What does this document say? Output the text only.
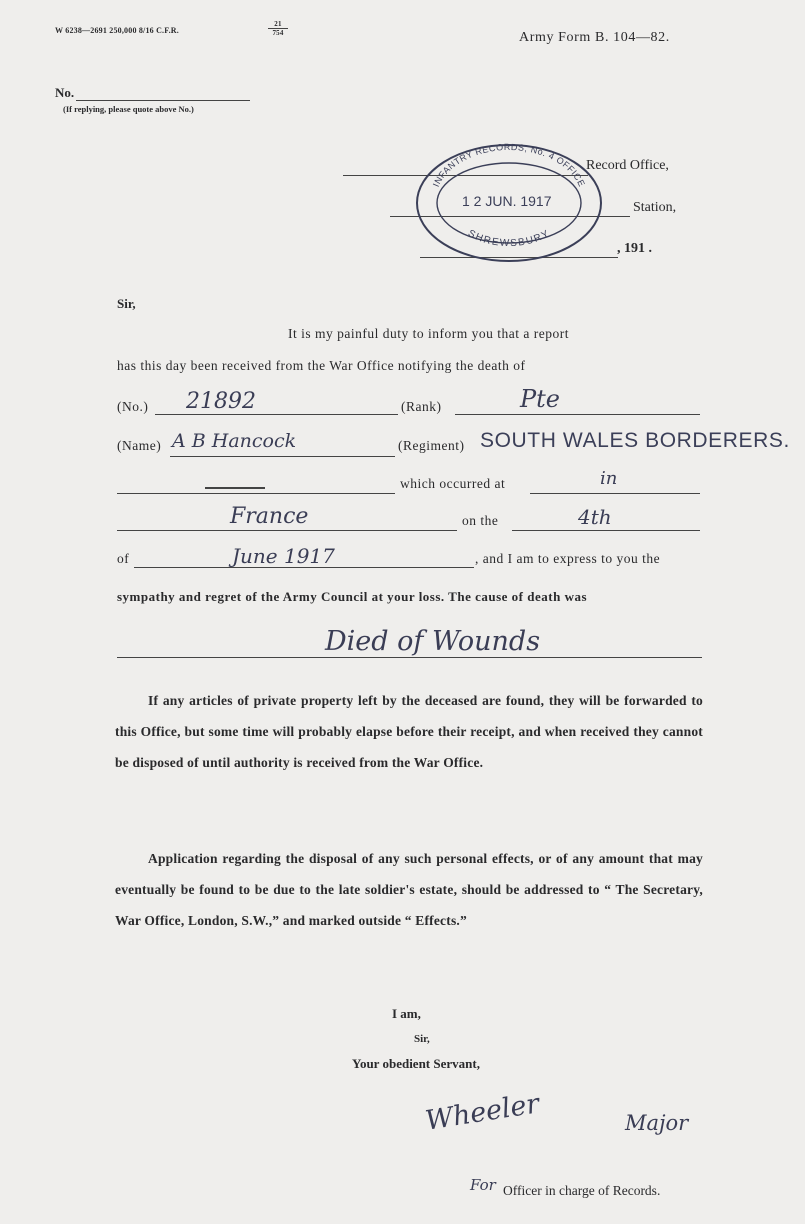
W 6238—2691 250,000 8/16 C.F.R.
21
754	Army Form B. 104—82.
No.
(If replying, please quote above No.)
Record Office,
Station,
, 191 .
INFANTRY RECORDS, No. 4 OFFICE
SHREWSBURY
1 2 JUN. 1917
Sir,
It is my painful duty to inform you that a report
has this day been received from the War Office notifying the death of
(No.) 21892	(Rank)	Pte
(Name) A B Hancock	(Regiment) SOUTH WALES BORDERERS.
which occurred at	in
France	on the	4th
of	June 1917	, and I am to express to you the
sympathy and regret of the Army Council at your loss. The cause of death was
Died of Wounds
If any articles of private property left by the deceased are found, they will be forwarded to this Office, but some time will probably elapse before their receipt, and when received they cannot be disposed of until authority is received from the War Office.
Application regarding the disposal of any such personal effects, or of any amount that may eventually be found to be due to the late soldier's estate, should be addressed to “ The Secretary, War Office, London, S.W.,” and marked outside “ Effects.”
I am,
Sir,
Your obedient Servant,
Wheeler	Major
For Officer in charge of Records.
